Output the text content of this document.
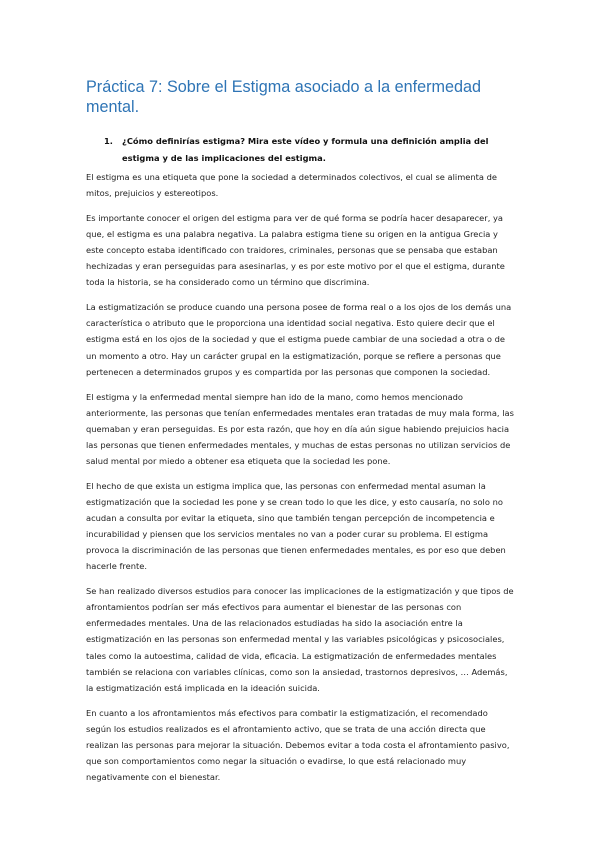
Práctica 7: Sobre el Estigma asociado a la enfermedad mental.
1.	¿Cómo definirías estigma? Mira este vídeo y formula una definición amplia del estigma y de las implicaciones del estigma.

El estigma es una etiqueta que pone la sociedad a determinados colectivos, el cual se alimenta de mitos, prejuicios y estereotipos.

Es importante conocer el origen del estigma para ver de qué forma se podría hacer desaparecer, ya que, el estigma es una palabra negativa. La palabra estigma tiene su origen en la antigua Grecia y este concepto estaba identificado con traidores, criminales, personas que se pensaba que estaban hechizadas y eran perseguidas para asesinarlas, y es por este motivo por el que el estigma, durante toda la historia, se ha considerado como un término que discrimina.

La estigmatización se produce cuando una persona posee de forma real o a los ojos de los demás una característica o atributo que le proporciona una identidad social negativa. Esto quiere decir que el estigma está en los ojos de la sociedad y que el estigma puede cambiar de una sociedad a otra o de un momento a otro. Hay un carácter grupal en la estigmatización, porque se refiere a personas que pertenecen a determinados grupos y es compartida por las personas que componen la sociedad.

El estigma y la enfermedad mental siempre han ido de la mano, como hemos mencionado anteriormente, las personas que tenían enfermedades mentales eran tratadas de muy mala forma, las quemaban y eran perseguidas. Es por esta razón, que hoy en día aún sigue habiendo prejuicios hacia las personas que tienen enfermedades mentales, y muchas de estas personas no utilizan servicios de salud mental por miedo a obtener esa etiqueta que la sociedad les pone.

El hecho de que exista un estigma implica que, las personas con enfermedad mental asuman la estigmatización que la sociedad les pone y se crean todo lo que les dice, y esto causaría, no solo no acudan a consulta por evitar la etiqueta, sino que también tengan percepción de incompetencia e incurabilidad y piensen que los servicios mentales no van a poder curar su problema. El estigma provoca la discriminación de las personas que tienen enfermedades mentales, es por eso que deben hacerle frente.

Se han realizado diversos estudios para conocer las implicaciones de la estigmatización y que tipos de afrontamientos podrían ser más efectivos para aumentar el bienestar de las personas con enfermedades mentales. Una de las relacionados estudiadas ha sido la asociación entre la estigmatización en las personas son enfermedad mental y las variables psicológicas y psicosociales, tales como la autoestima, calidad de vida, eficacia. La estigmatización de enfermedades mentales también se relaciona con variables clínicas, como son la ansiedad, trastornos depresivos, … Además, la estigmatización está implicada en la ideación suicida.

En cuanto a los afrontamientos más efectivos para combatir la estigmatización, el recomendado según los estudios realizados es el afrontamiento activo, que se trata de una acción directa que realizan las personas para mejorar la situación. Debemos evitar a toda costa el afrontamiento pasivo, que son comportamientos como negar la situación o evadirse, lo que está relacionado muy negativamente con el bienestar.
